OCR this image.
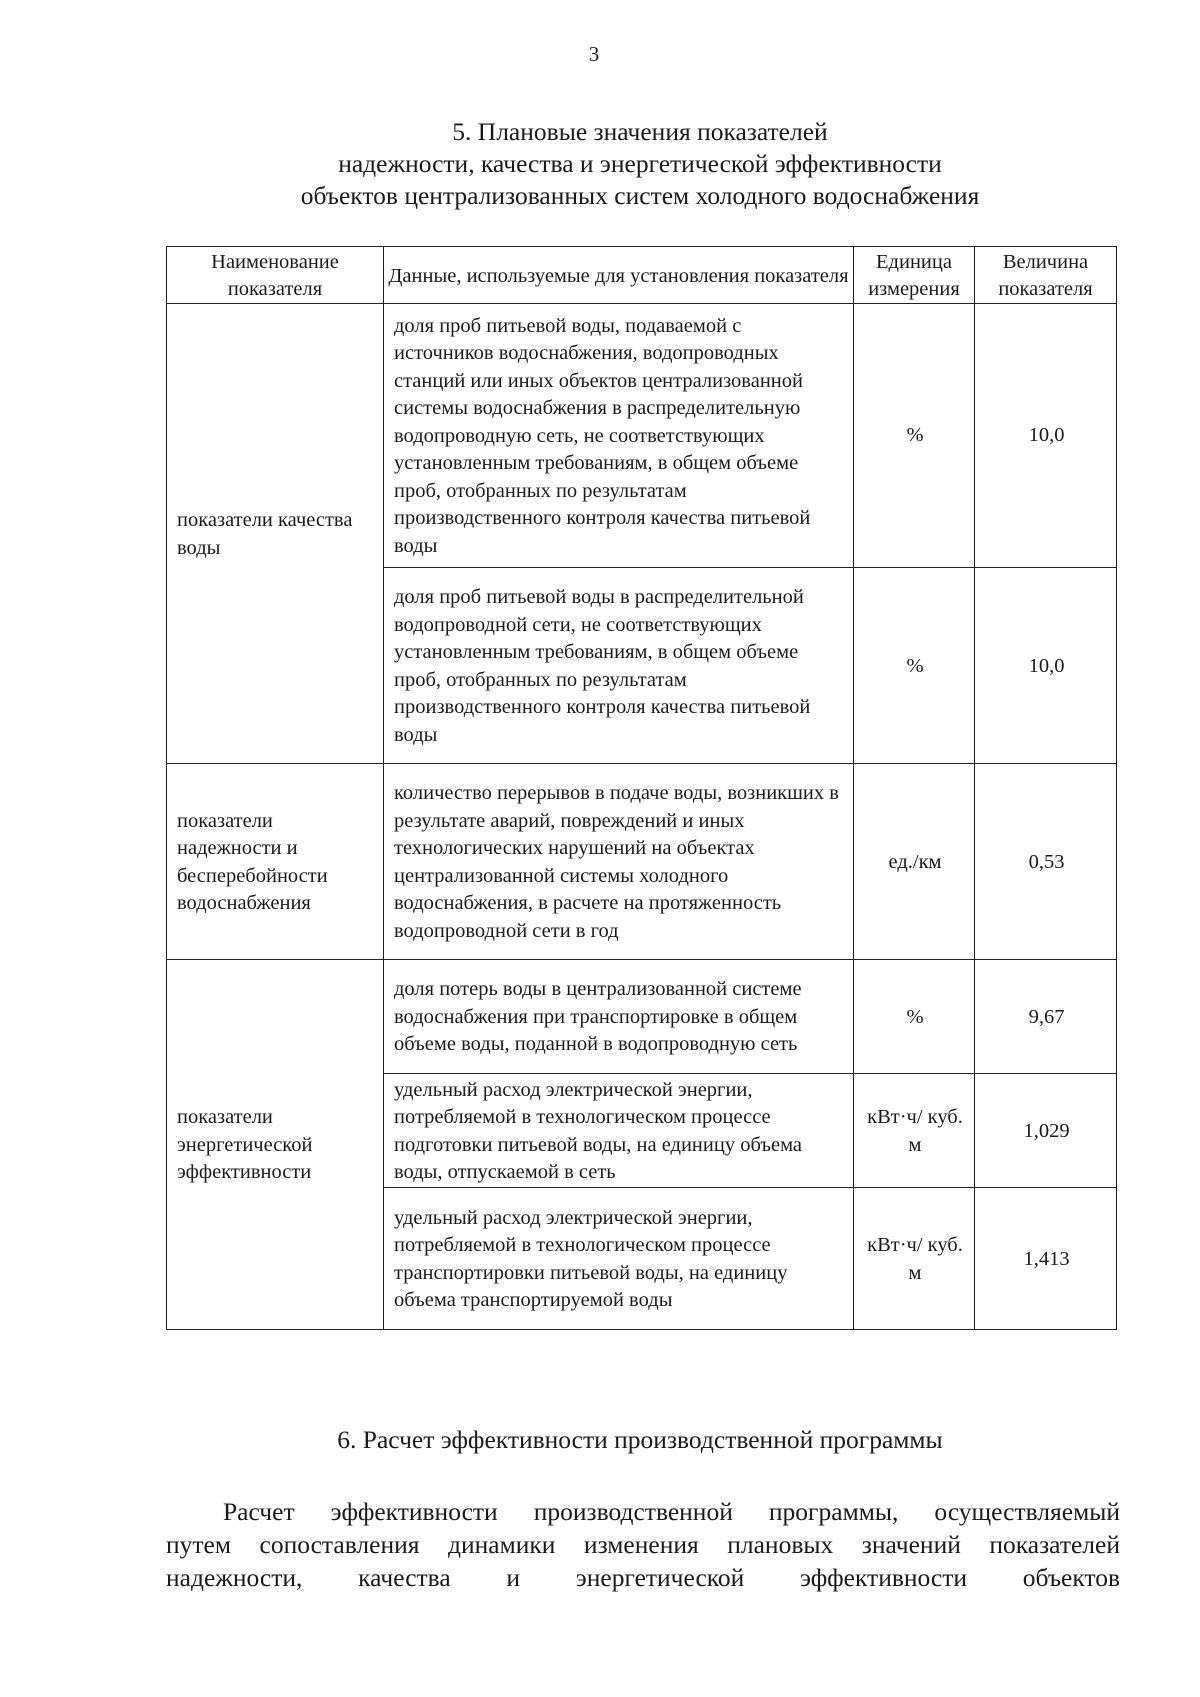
3
5. Плановые значения показателей
надежности, качества и энергетической эффективности
объектов централизованных систем холодного водоснабжения
Наименование показателя	Данные, используемые для установления показателя	Единица измерения	Величина показателя
показатели качества воды	доля проб питьевой воды, подаваемой с источников водоснабжения, водопроводных станций или иных объектов централизованной системы водоснабжения в распределительную водопроводную сеть, не соответствующих установленным требованиям, в общем объеме проб, отобранных по результатам производственного контроля качества питьевой воды	%	10,0
	доля проб питьевой воды в распределительной водопроводной сети, не соответствующих установленным требованиям, в общем объеме проб, отобранных по результатам производственного контроля качества питьевой воды	%	10,0
показатели надежности и бесперебойности водоснабжения	количество перерывов в подаче воды, возникших в результате аварий, повреждений и иных технологических нарушений на объектах централизованной системы холодного водоснабжения, в расчете на протяженность водопроводной сети в год	ед./км	0,53
показатели энергетической эффективности	доля потерь воды в централизованной системе водоснабжения при транспортировке в общем объеме воды, поданной в водопроводную сеть	%	9,67
	удельный расход электрической энергии, потребляемой в технологическом процессе подготовки питьевой воды, на единицу объема воды, отпускаемой в сеть	кВт·ч/ куб. м	1,029
	удельный расход электрической энергии, потребляемой в технологическом процессе транспортировки питьевой воды, на единицу объема транспортируемой воды	кВт·ч/ куб. м	1,413
6. Расчет эффективности производственной программы
Расчет эффективности производственной программы, осуществляемый
путем сопоставления динамики изменения плановых значений показателей
надежности, качества и энергетической эффективности объектов
